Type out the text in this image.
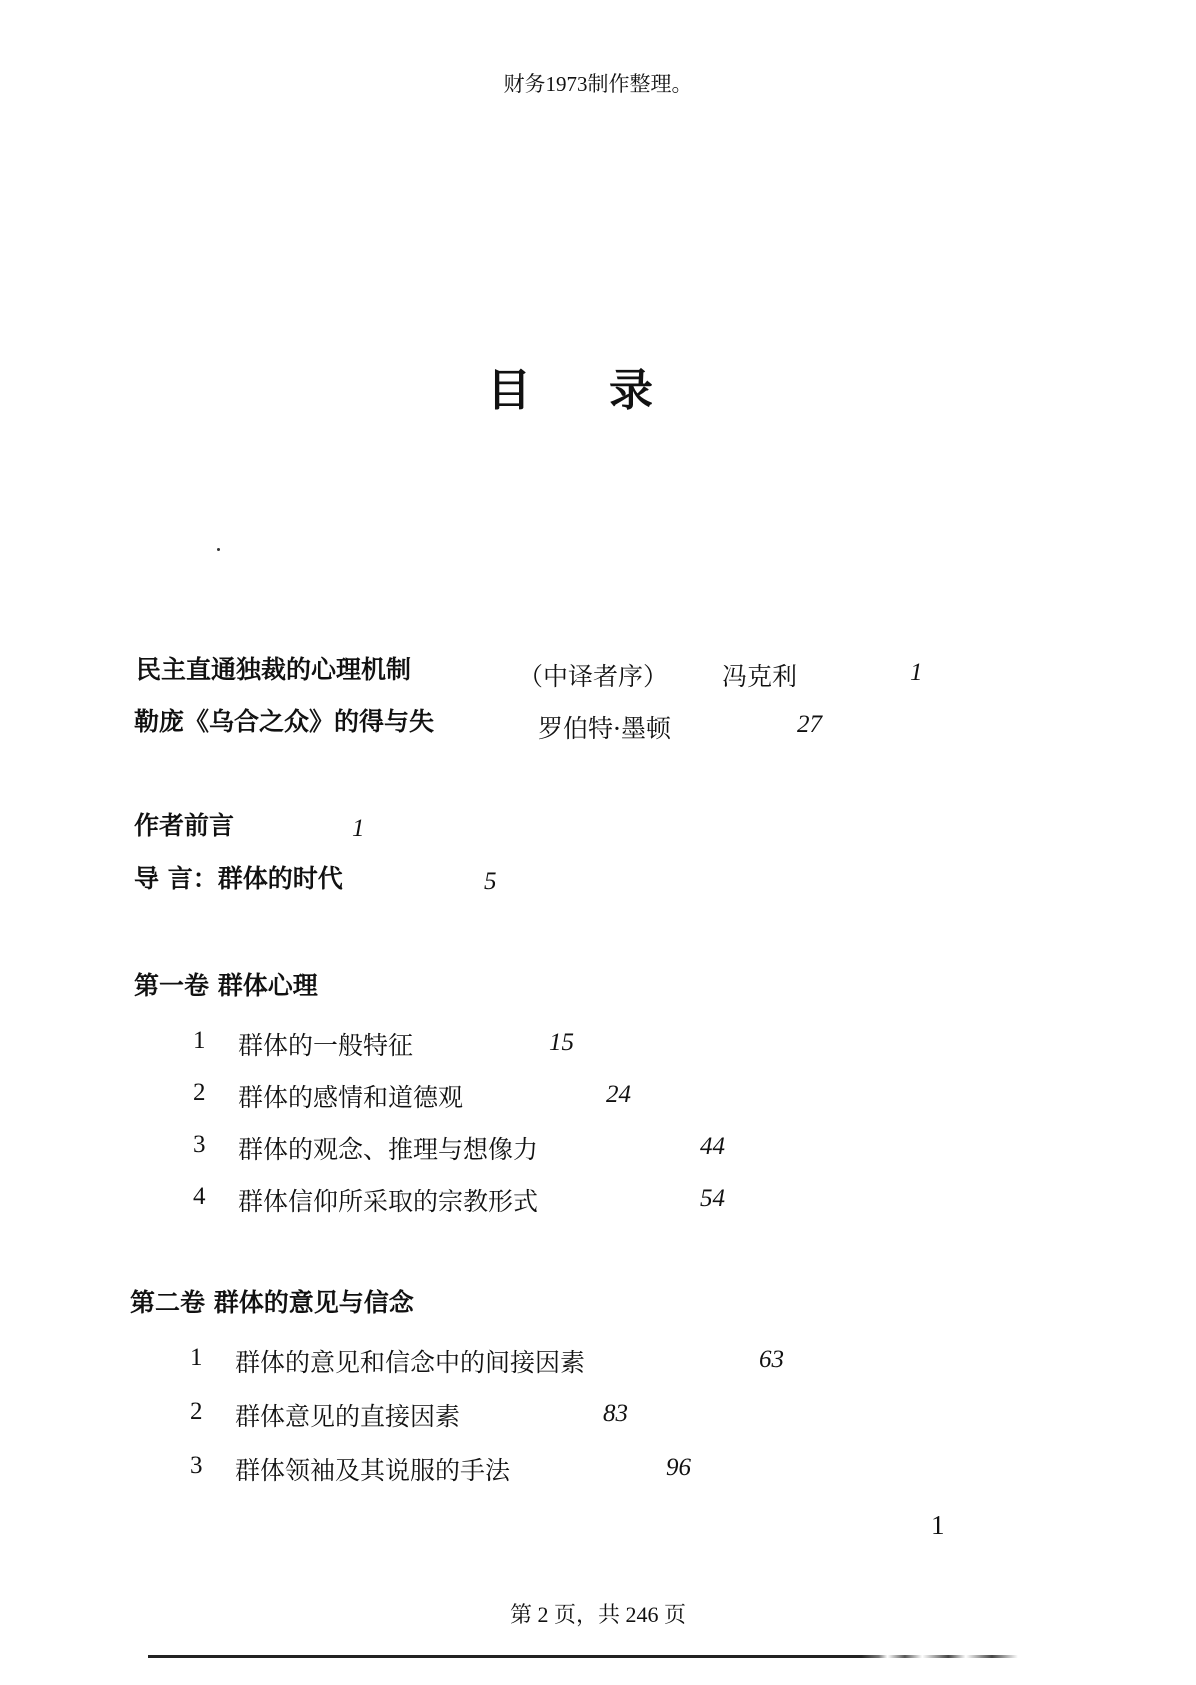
财务1973制作整理。
目录
民主直通独裁的心理机制	（中译者序） 冯克利	1
勒庞《乌合之众》的得与失	罗伯特·墨顿	27
作者前言	1
导 言：群体的时代	5
第一卷 群体心理
1 群体的一般特征	15
2 群体的感情和道德观	24
3 群体的观念、推理与想像力	44
4 群体信仰所采取的宗教形式	54
第二卷 群体的意见与信念
1 群体的意见和信念中的间接因素	63
2 群体意见的直接因素	83
3 群体领袖及其说服的手法	96
1
第 2 页，共 246 页
